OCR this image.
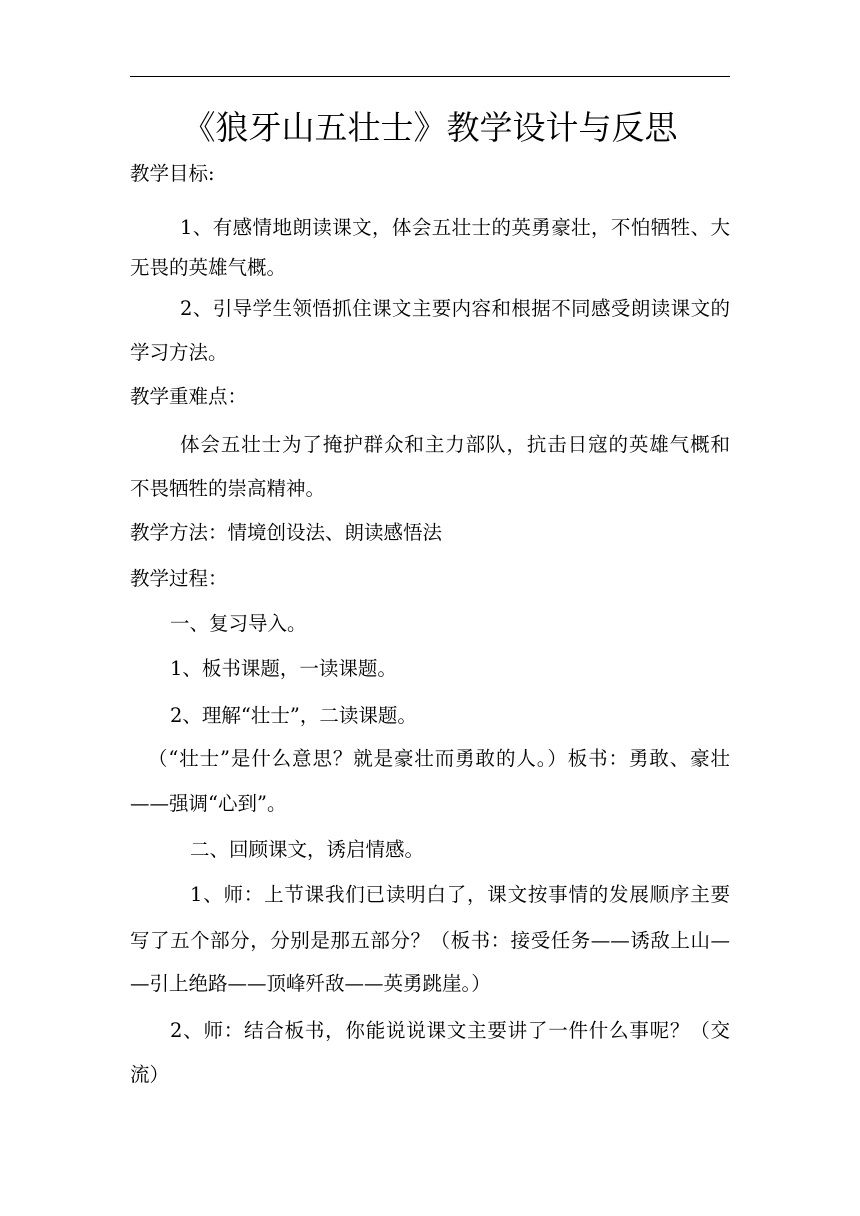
《狼牙山五壮士》教学设计与反思
教学目标:
1、有感情地朗读课文，体会五壮士的英勇豪壮，不怕牺牲、大
无畏的英雄气概。
2、引导学生领悟抓住课文主要内容和根据不同感受朗读课文的
学习方法。
教学重难点：
体会五壮士为了掩护群众和主力部队，抗击日寇的英雄气概和
不畏牺牲的崇高精神。
教学方法：情境创设法、朗读感悟法
教学过程：
一、复习导入。
1、板书课题，一读课题。
2、理解“壮士”，二读课题。
（“壮士”是什么意思？就是豪壮而勇敢的人。）板书：勇敢、豪壮
——强调“心到”。
二、回顾课文，诱启情感。
1、师：上节课我们已读明白了，课文按事情的发展顺序主要
写了五个部分，分别是那五部分？（板书：接受任务——诱敌上山—
—引上绝路——顶峰歼敌——英勇跳崖。）
2、师：结合板书，你能说说课文主要讲了一件什么事呢？（交
流）
